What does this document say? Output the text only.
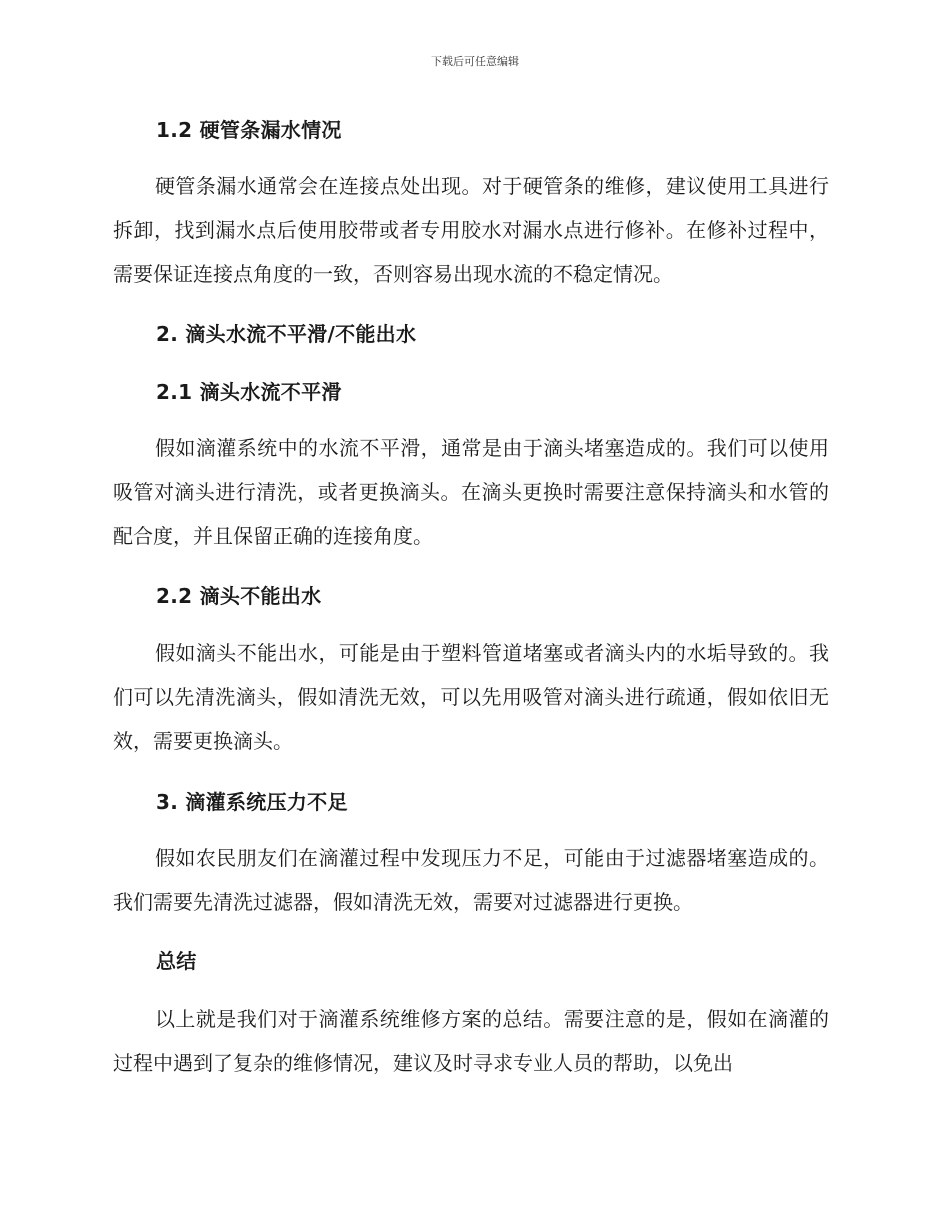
下载后可任意编辑
1.2 硬管条漏水情况
硬管条漏水通常会在连接点处出现。对于硬管条的维修，建议使用工具进行拆卸，找到漏水点后使用胶带或者专用胶水对漏水点进行修补。在修补过程中，需要保证连接点角度的一致，否则容易出现水流的不稳定情况。
2. 滴头水流不平滑/不能出水
2.1 滴头水流不平滑
假如滴灌系统中的水流不平滑，通常是由于滴头堵塞造成的。我们可以使用吸管对滴头进行清洗，或者更换滴头。在滴头更换时需要注意保持滴头和水管的配合度，并且保留正确的连接角度。
2.2 滴头不能出水
假如滴头不能出水，可能是由于塑料管道堵塞或者滴头内的水垢导致的。我们可以先清洗滴头，假如清洗无效，可以先用吸管对滴头进行疏通，假如依旧无效，需要更换滴头。
3. 滴灌系统压力不足
假如农民朋友们在滴灌过程中发现压力不足，可能由于过滤器堵塞造成的。我们需要先清洗过滤器，假如清洗无效，需要对过滤器进行更换。
总结
以上就是我们对于滴灌系统维修方案的总结。需要注意的是，假如在滴灌的过程中遇到了复杂的维修情况，建议及时寻求专业人员的帮助，以免出
